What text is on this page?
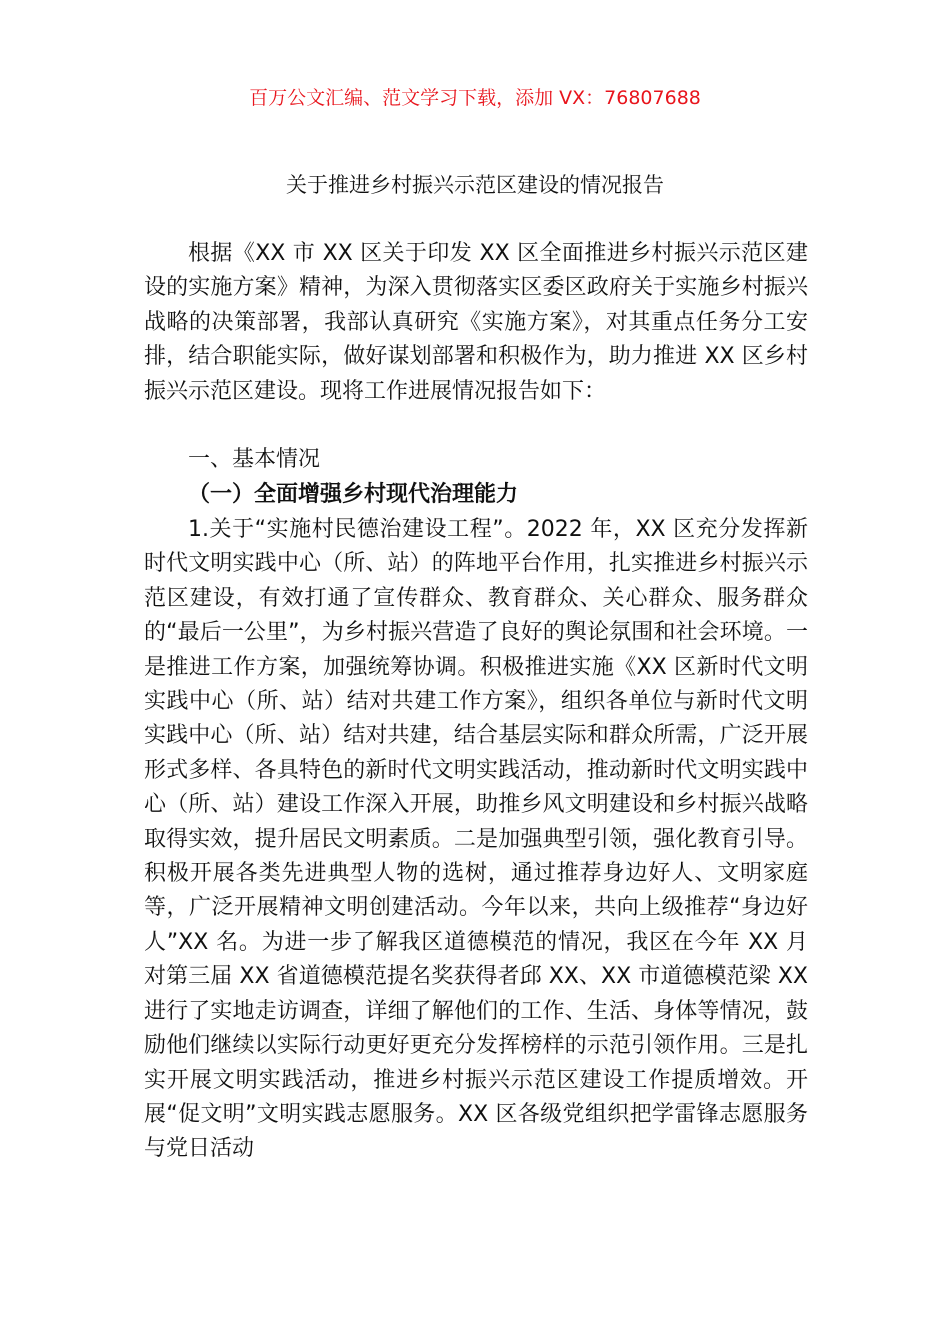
百万公文汇编、范文学习下载，添加 VX：76807688
关于推进乡村振兴示范区建设的情况报告

根据《XX 市 XX 区关于印发 XX 区全面推进乡村振兴示范区建设的实施方案》精神，为深入贯彻落实区委区政府关于实施乡村振兴战略的决策部署，我部认真研究《实施方案》，对其重点任务分工安排，结合职能实际，做好谋划部署和积极作为，助力推进 XX 区乡村振兴示范区建设。现将工作进展情况报告如下：

一、基本情况

（一）全面增强乡村现代治理能力

1.关于“实施村民德治建设工程”。2022 年，XX 区充分发挥新时代文明实践中心（所、站）的阵地平台作用，扎实推进乡村振兴示范区建设，有效打通了宣传群众、教育群众、关心群众、服务群众的“最后一公里”，为乡村振兴营造了良好的舆论氛围和社会环境。一是推进工作方案，加强统筹协调。积极推进实施《XX 区新时代文明实践中心（所、站）结对共建工作方案》，组织各单位与新时代文明实践中心（所、站）结对共建，结合基层实际和群众所需，广泛开展形式多样、各具特色的新时代文明实践活动，推动新时代文明实践中心（所、站）建设工作深入开展，助推乡风文明建设和乡村振兴战略取得实效，提升居民文明素质。二是加强典型引领，强化教育引导。积极开展各类先进典型人物的选树，通过推荐身边好人、文明家庭等，广泛开展精神文明创建活动。今年以来，共向上级推荐“身边好人”XX 名。为进一步了解我区道德模范的情况，我区在今年 XX 月对第三届 XX 省道德模范提名奖获得者邱 XX、XX 市道德模范梁 XX 进行了实地走访调查，详细了解他们的工作、生活、身体等情况，鼓励他们继续以实际行动更好更充分发挥榜样的示范引领作用。三是扎实开展文明实践活动，推进乡村振兴示范区建设工作提质增效。开展“促文明”文明实践志愿服务。XX 区各级党组织把学雷锋志愿服务与党日活动
